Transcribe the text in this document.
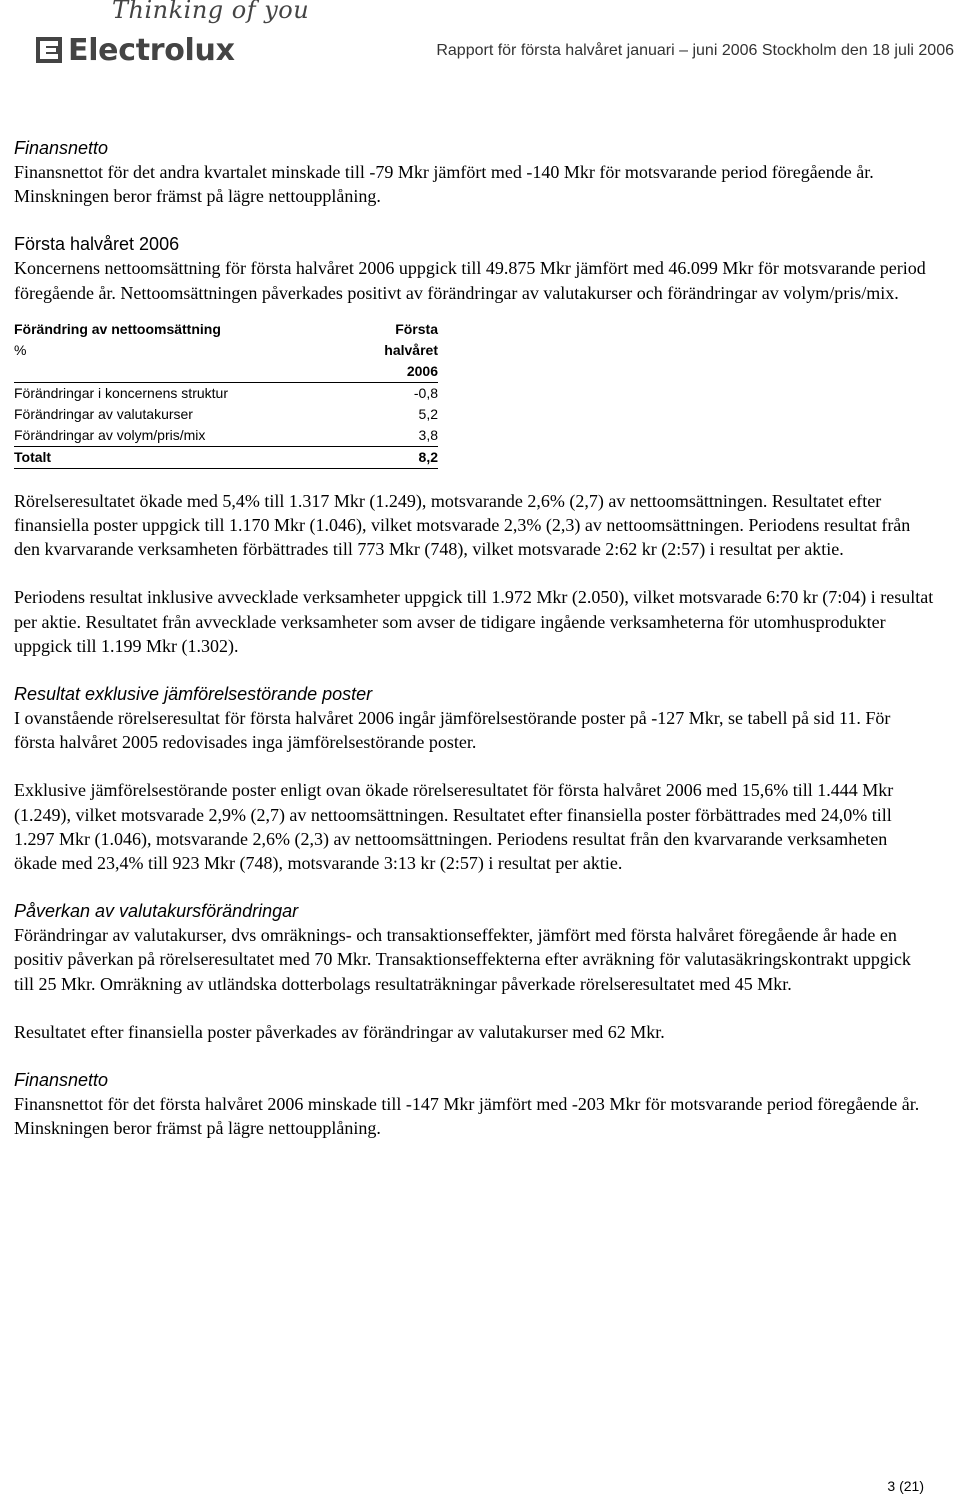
Thinking of you
Electrolux	Rapport för första halvåret januari – juni 2006 Stockholm den 18 juli 2006

Finansnetto

Finansnettot för det andra kvartalet minskade till -79 Mkr jämfört med -140 Mkr för motsvarande period föregående år. Minskningen beror främst på lägre nettoupplåning.

Första halvåret 2006

Koncernens nettoomsättning för första halvåret 2006 uppgick till 49.875 Mkr jämfört med 46.099 Mkr för motsvarande period föregående år. Nettoomsättningen påverkades positivt av förändringar av valutakurser och förändringar av volym/pris/mix.

Förändring av nettoomsättning	Första
%	halvåret
	2006
Förändringar i koncernens struktur	-0,8
Förändringar av valutakurser	5,2
Förändringar av volym/pris/mix	3,8
Totalt	8,2

Rörelseresultatet ökade med 5,4% till 1.317 Mkr (1.249), motsvarande 2,6% (2,7) av nettoomsättningen. Resultatet efter finansiella poster uppgick till 1.170 Mkr (1.046), vilket motsvarade 2,3% (2,3) av nettoomsättningen. Periodens resultat från den kvarvarande verksamheten förbättrades till 773 Mkr (748), vilket motsvarade 2:62 kr (2:57) i resultat per aktie.

Periodens resultat inklusive avvecklade verksamheter uppgick till 1.972 Mkr (2.050), vilket motsvarade 6:70 kr (7:04) i resultat per aktie. Resultatet från avvecklade verksamheter som avser de tidigare ingående verksamheterna för utomhusprodukter uppgick till 1.199 Mkr (1.302).

Resultat exklusive jämförelsestörande poster

I ovanstående rörelseresultat för första halvåret 2006 ingår jämförelsestörande poster på -127 Mkr, se tabell på sid 11. För första halvåret 2005 redovisades inga jämförelsestörande poster.

Exklusive jämförelsestörande poster enligt ovan ökade rörelseresultatet för första halvåret 2006 med 15,6% till 1.444 Mkr (1.249), vilket motsvarade 2,9% (2,7) av nettoomsättningen. Resultatet efter finansiella poster förbättrades med 24,0% till 1.297 Mkr (1.046), motsvarande 2,6% (2,3) av nettoomsättningen. Periodens resultat från den kvarvarande verksamheten ökade med 23,4% till 923 Mkr (748), motsvarande 3:13 kr (2:57) i resultat per aktie.

Påverkan av valutakursförändringar

Förändringar av valutakurser, dvs omräknings- och transaktionseffekter, jämfört med första halvåret föregående år hade en positiv påverkan på rörelseresultatet med 70 Mkr. Transaktionseffekterna efter avräkning för valutasäkringskontrakt uppgick till 25 Mkr. Omräkning av utländska dotterbolags resultaträkningar påverkade rörelseresultatet med 45 Mkr.

Resultatet efter finansiella poster påverkades av förändringar av valutakurser med 62 Mkr.

Finansnetto

Finansnettot för det första halvåret 2006 minskade till -147 Mkr jämfört med -203 Mkr för motsvarande period föregående år. Minskningen beror främst på lägre nettoupplåning.

3 (21)
